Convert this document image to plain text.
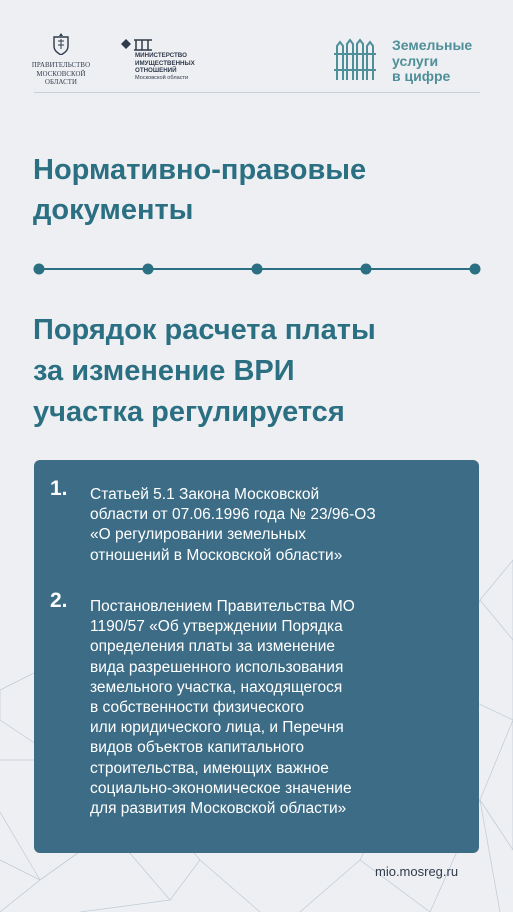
ПРАВИТЕЛЬСТВО
МОСКОВСКОЙ
ОБЛАСТИ
МИНИСТЕРСТВО
ИМУЩЕСТВЕННЫХ
ОТНОШЕНИЙ
Московской области
Земельные
услуги
в цифре
Нормативно-правовые
документы
Порядок расчета платы
за изменение ВРИ
участка регулируется
1. Статьей 5.1 Закона Московской
области от 07.06.1996 года № 23/96-ОЗ
«О регулировании земельных
отношений в Московской области»
2. Постановлением Правительства МО
1190/57 «Об утверждении Порядка
определения платы за изменение
вида разрешенного использования
земельного участка, находящегося
в собственности физического
или юридического лица, и Перечня
видов объектов капитального
строительства, имеющих важное
социально-экономическое значение
для развития Московской области»
mio.mosreg.ru
